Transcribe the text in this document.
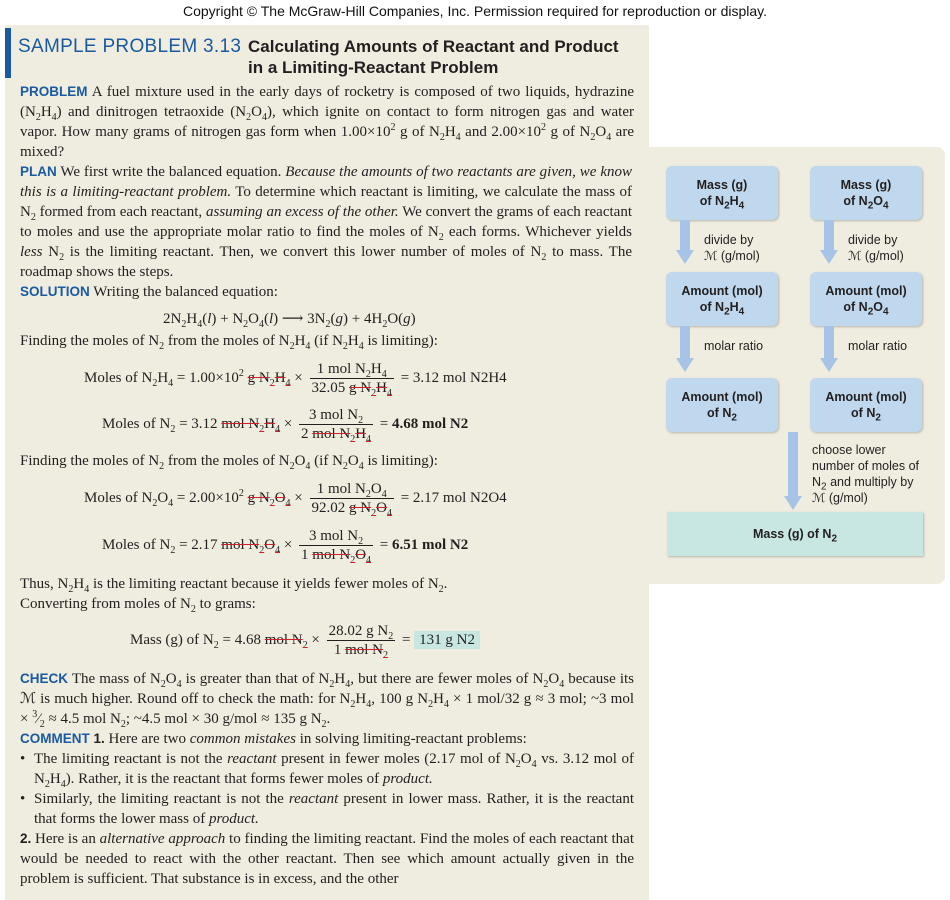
Copyright © The McGraw-Hill Companies, Inc. Permission required for reproduction or display.
SAMPLE PROBLEM 3.13 Calculating Amounts of Reactant and Product
in a Limiting-Reactant Problem

PROBLEM A fuel mixture used in the early days of rocketry is composed of two liquids, hydrazine $(N_2H_4)$ and dinitrogen tetraoxide $(N_2O_4)$, which ignite on contact to form nitrogen gas and water vapor. How many grams of nitrogen gas form when $1.00\times 10^2$ g of $N_2H_4$ and $2.00\times 10^2$ g of $N_2O_4$ are mixed?

PLAN We first write the balanced equation. Because the amounts of two reactants are given, we know this is a limiting-reactant problem. To determine which reactant is limiting, we calculate the mass of $N_2$ formed from each reactant, assuming an excess of the other. We convert the grams of each reactant to moles and use the appropriate molar ratio to find the moles of $N_2$ each forms. Whichever yields less $N_2$ is the limiting reactant. Then, we convert this lower number of moles of $N_2$ to mass. The roadmap shows the steps.

SOLUTION Writing the balanced equation:

$2N_2H_4(l) + N_2O_4(l)$ ⟶ $3N_2(g) + 4H_2O(g)$
Finding the moles of $N_2$ from the moles of $N_2H_4$ (if $N_2H_4$ is limiting):
Moles of $N_2H_4 = 1.00\times 10^2$ g $N_2H_4 \times \frac{1 mol N_2H_4}{32.05 g N_2H_4} = 3.12$ mol N2H4
Moles of $N_2 = 3.12$ mol $N_2H_4 \times \frac{3 mol N_2}{2 mol N_2H_4} = 4.68$ mol N2
Finding the moles of $N_2$ from the moles of $N_2O_4$ (if $N_2O_4$ is limiting):
Moles of $N_2O_4 = 2.00\times 10^2$ g $N_2O_4 \times \frac{1 mol N_2O_4}{92.02 g N_2O_4} = 2.17$ mol N2O4
Moles of $N_2 = 2.17$ mol $N_2O_4 \times \frac{3 mol N_2}{1 mol N_2O_4} = 6.51$ mol N2

Thus, $N_2H_4$ is the limiting reactant because it yields fewer moles of $N_2$.
Converting from moles of $N_2$ to grams:

Mass (g) of $N_2 = 4.68$ mol $N_2 \times \frac{28.02 g N_2}{1 mol N_2} = 131$ g N2

CHECK The mass of $N_2O_4$ is greater than that of $N_2H_4$, but there are fewer moles of $N_2O_4$ because its ℳ is much higher. Round off to check the math: for $N_2H_4$, 100 g $N_2H_4 \times 1$ mol/32 g ≈ 3 mol; ~3 mol × $^3⁄_2 \approx 4.5$ mol $N_2$; ~4.5 mol × 30 g/mol ≈ 135 g $N_2$.

COMMENT 1. Here are two common mistakes in solving limiting-reactant problems:

• The limiting reactant is not the reactant present in fewer moles (2.17 mol of $N_2O_4$ vs. 3.12 mol of $N_2H_4$). Rather, it is the reactant that forms fewer moles of product.

• Similarly, the limiting reactant is not the reactant present in lower mass. Rather, it is the reactant that forms the lower mass of product.

2. Here is an alternative approach to finding the limiting reactant. Find the moles of each reactant that would be needed to react with the other reactant. Then see which amount actually given in the problem is sufficient. That substance is in excess, and the other

Mass (g)
of $N_2H_4$
Mass (g)
of $N_2O_4$
divide by
ℳ (g/mol)
divide by
ℳ (g/mol)
Amount (mol)
of $N_2H_4$
Amount (mol)
of $N_2O_4$
molar ratio	molar ratio
Amount (mol)
of $N_2$
Amount (mol)
of $N_2$
choose lower number of moles of $N_2$ and multiply by ℳ (g/mol)
Mass (g) of $N_2$
